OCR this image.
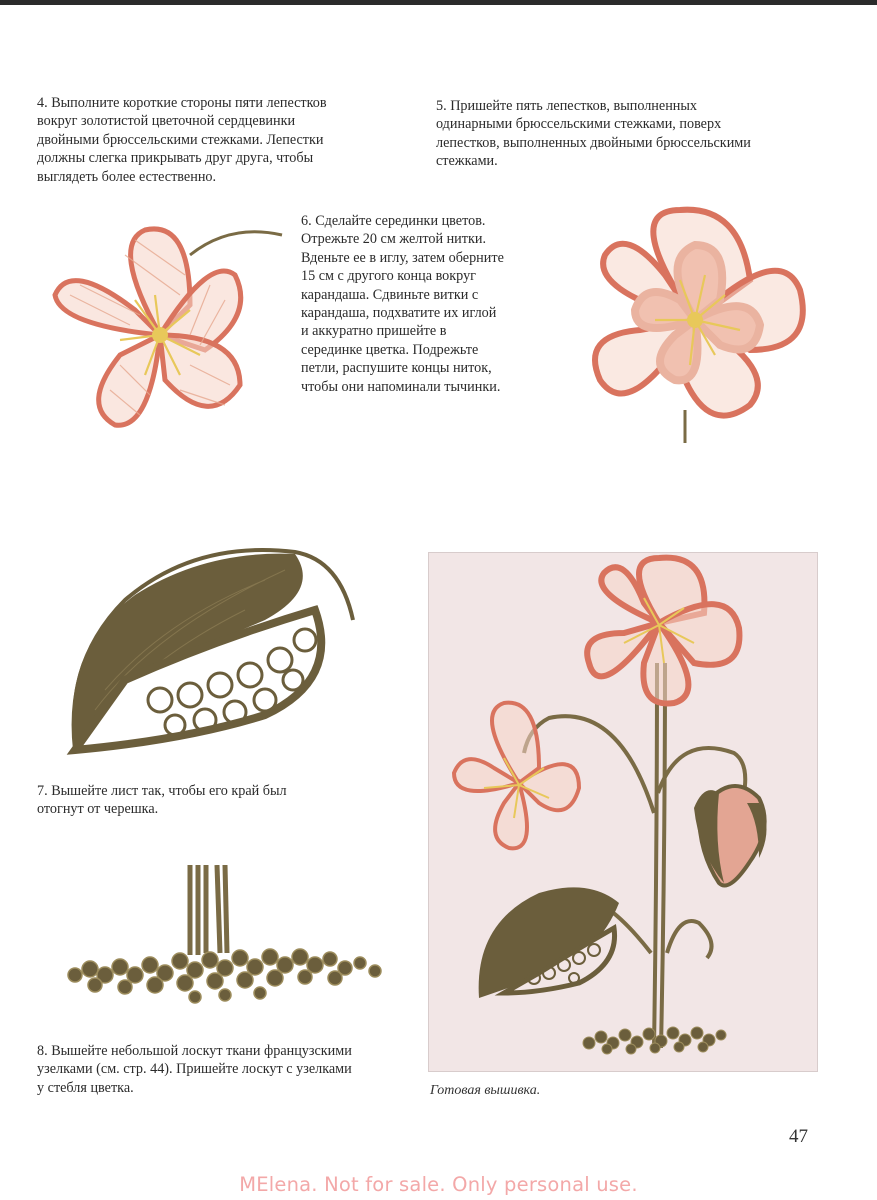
4. Выполните короткие стороны пяти лепестков
вокруг золотистой цветочной сердцевинки
двойными брюссельскими стежками. Лепестки
должны слегка прикрывать друг друга, чтобы
выглядеть более естественно.

5. Пришейте пять лепестков, выполненных
одинарными брюссельскими стежками, поверх
лепестков, выполненных двойными брюссельскими
стежками.

6. Сделайте серединки цветов.
Отрежьте 20 см желтой нитки.
Вденьте ее в иглу, затем оберните
15 см с другого конца вокруг
карандаша. Сдвиньте витки с
карандаша, подхватите их иглой
и аккуратно пришейте в
серединке цветка. Подрежьте
петли, распушите концы ниток,
чтобы они напоминали тычинки.

7. Вышейте лист так, чтобы его край был
отогнут от черешка.

8. Вышейте небольшой лоскут ткани французскими
узелками (см. стр. 44). Пришейте лоскут с узелками
у стебля цветка.	Готовая вышивка.

47
MElena. Not for sale. Only personal use.
